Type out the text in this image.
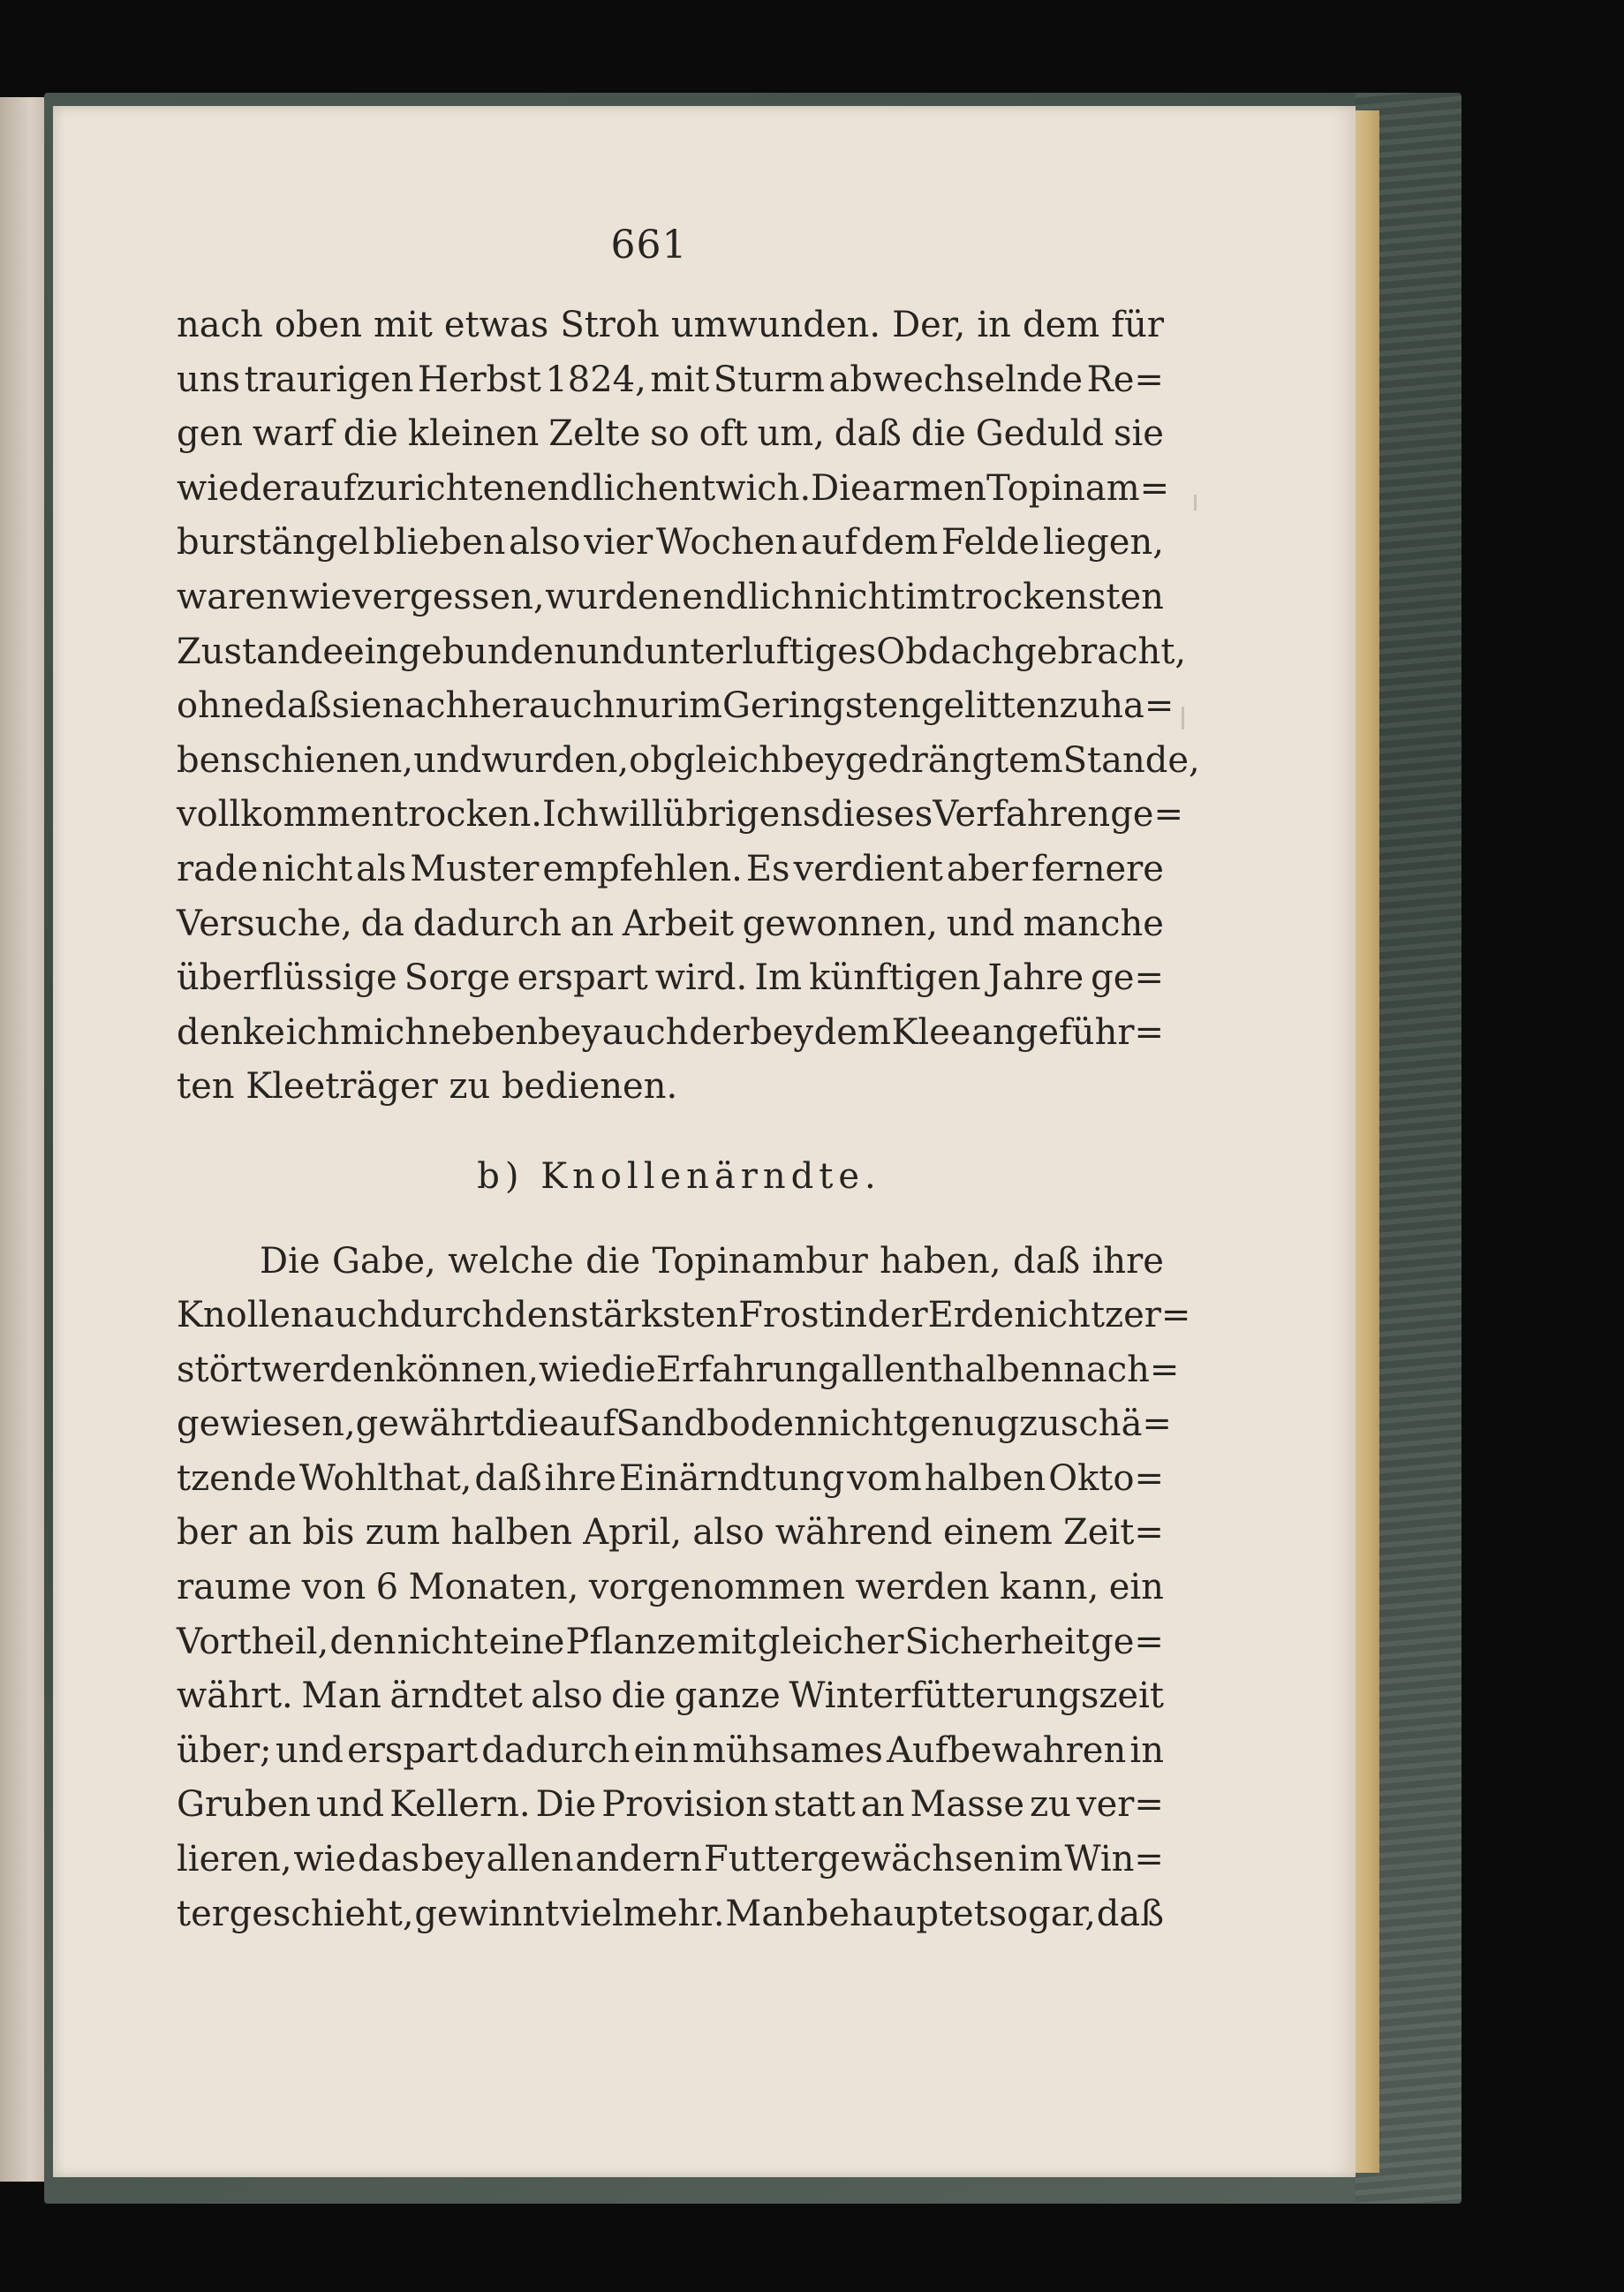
661
nach oben mit etwas Stroh umwunden. Der, in dem für
uns traurigen Herbst 1824, mit Sturm abwechselnde Re=
gen warf die kleinen Zelte so oft um, daß die Geduld sie
wieder aufzurichten endlich entwich. Die armen Topinam=
burstängel blieben also vier Wochen auf dem Felde liegen,
waren wie vergessen, wurden endlich nicht im trockensten
Zustande eingebunden und unter luftiges Obdach gebracht,
ohne daß sie nachher auch nur im Geringsten gelitten zu ha=
ben schienen, und wurden, obgleich bey gedrängtem Stande,
vollkommen trocken. Ich will übrigens dieses Verfahren ge=
rade nicht als Muster empfehlen. Es verdient aber fernere
Versuche, da dadurch an Arbeit gewonnen, und manche
überflüssige Sorge erspart wird. Im künftigen Jahre ge=
denke ich mich nebenbey auch der bey dem Klee angeführ=
ten Kleeträger zu bedienen.
b) Knollenärndte.
Die Gabe, welche die Topinambur haben, daß ihre
Knollen auch durch den stärksten Frost in der Erde nicht zer=
stört werden können, wie die Erfahrung allenthalben nach=
gewiesen, gewährt die auf Sandboden nicht genug zu schä=
tzende Wohlthat, daß ihre Einärndtung vom halben Okto=
ber an bis zum halben April, also während einem Zeit=
raume von 6 Monaten, vorgenommen werden kann, ein
Vortheil, den nicht eine Pflanze mit gleicher Sicherheit ge=
währt. Man ärndtet also die ganze Winterfütterungszeit
über; und erspart dadurch ein mühsames Aufbewahren in
Gruben und Kellern. Die Provision statt an Masse zu ver=
lieren, wie das bey allen andern Futtergewächsen im Win=
ter geschieht, gewinnt vielmehr. Man behauptet sogar, daß
